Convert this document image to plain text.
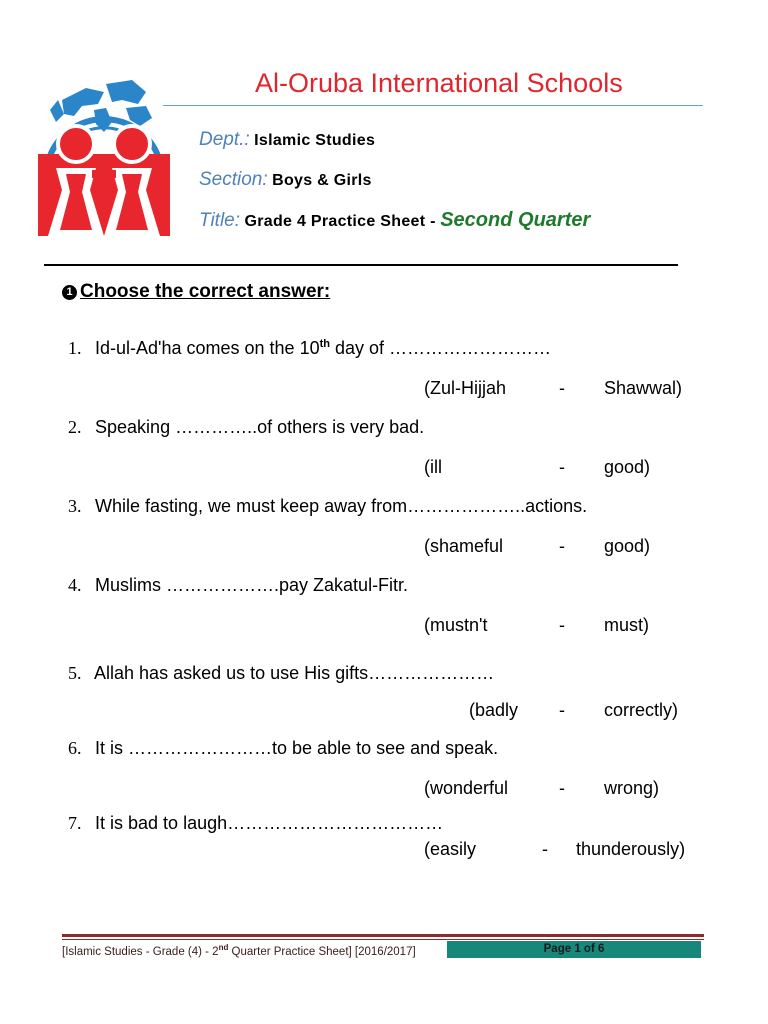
Al-Oruba International Schools
Dept.: Islamic Studies
Section: Boys & Girls
Title: Grade 4 Practice Sheet - Second Quarter
1 Choose the correct answer:
1. Id-ul-Ad'ha comes on the 10th day of ………………………
(Zul-Hijjah	- Shawwal)
2. Speaking …………..of others is very bad.
(ill	- good)
3. While fasting, we must keep away from………………..actions.
(shameful	- good)
4. Muslims ……………….pay Zakatul-Fitr.
(mustn't	- must)
5. Allah has asked us to use His gifts…………………
(badly - correctly)
6. It is ……………………to be able to see and speak.
(wonderful	- wrong)
7. It is bad to laugh………………………………
(easily	- thunderously)
[Islamic Studies - Grade (4) - 2nd Quarter Practice Sheet] [2016/2017]	Page 1 of 6
